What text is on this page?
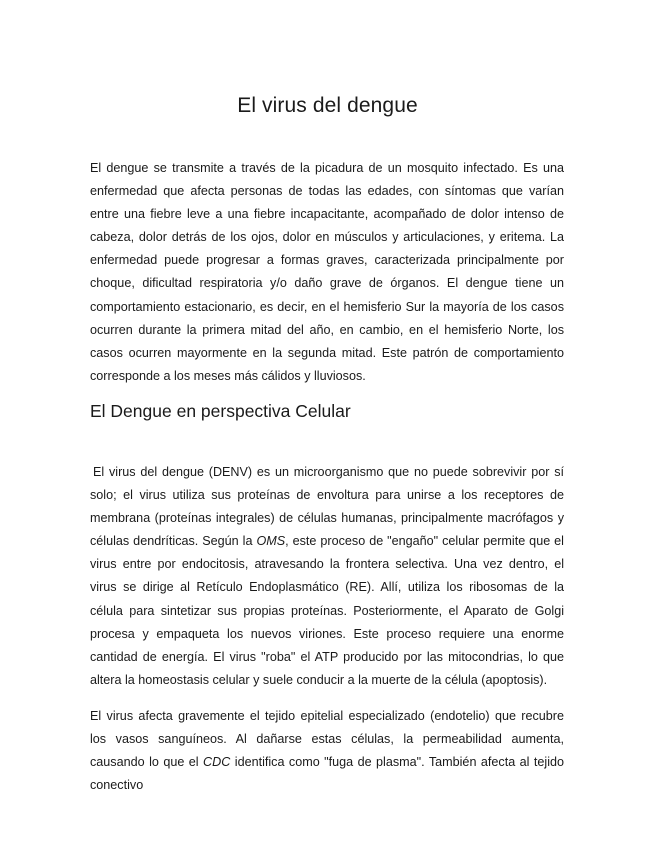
El virus del dengue

El dengue se transmite a través de la picadura de un mosquito infectado. Es una enfermedad que afecta personas de todas las edades, con síntomas que varían entre una fiebre leve a una fiebre incapacitante, acompañado de dolor intenso de cabeza, dolor detrás de los ojos, dolor en músculos y articulaciones, y eritema. La enfermedad puede progresar a formas graves, caracterizada principalmente por choque, dificultad respiratoria y/o daño grave de órganos. El dengue tiene un comportamiento estacionario, es decir, en el hemisferio Sur la mayoría de los casos ocurren durante la primera mitad del año, en cambio, en el hemisferio Norte, los casos ocurren mayormente en la segunda mitad. Este patrón de comportamiento corresponde a los meses más cálidos y lluviosos.

El Dengue en perspectiva Celular

El virus del dengue (DENV) es un microorganismo que no puede sobrevivir por sí solo; el virus utiliza sus proteínas de envoltura para unirse a los receptores de membrana (proteínas integrales) de células humanas, principalmente macrófagos y células dendríticas. Según la OMS, este proceso de "engaño" celular permite que el virus entre por endocitosis, atravesando la frontera selectiva. Una vez dentro, el virus se dirige al Retículo Endoplasmático (RE). Allí, utiliza los ribosomas de la célula para sintetizar sus propias proteínas. Posteriormente, el Aparato de Golgi procesa y empaqueta los nuevos viriones. Este proceso requiere una enorme cantidad de energía. El virus "roba" el ATP producido por las mitocondrias, lo que altera la homeostasis celular y suele conducir a la muerte de la célula (apoptosis).

El virus afecta gravemente el tejido epitelial especializado (endotelio) que recubre los vasos sanguíneos. Al dañarse estas células, la permeabilidad aumenta, causando lo que el CDC identifica como "fuga de plasma". También afecta al tejido conectivo
